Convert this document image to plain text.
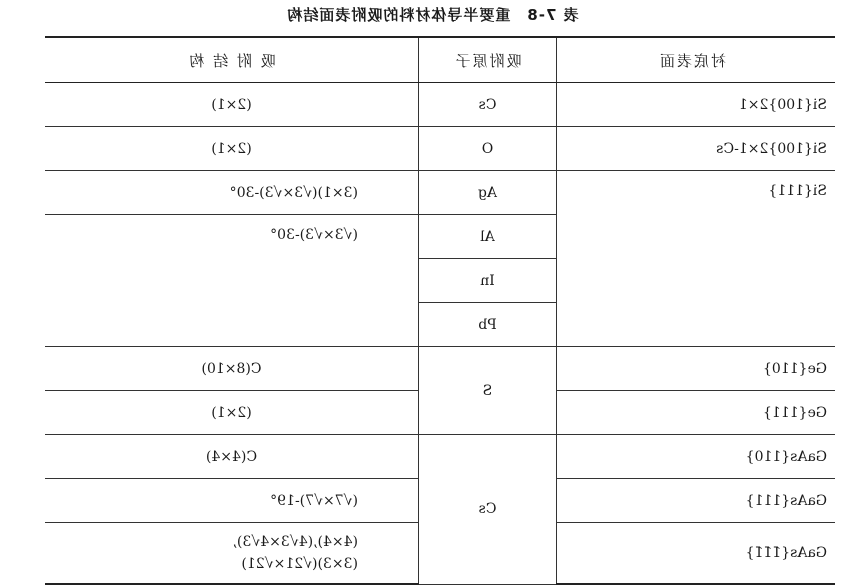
表 7-8　重要半导体材料的吸附表面结构
衬底表面	吸附原子	吸 附 结 构
Si{100}2×1	Cs	(2×1)
Si{100}2×1-Cs	O	(2×1)
Si{111}	Ag	(3×1)(√3×√3)-30°
	Al	(√3×√3)-30°
	In	
	Pb	
Ge{110}	S	C(8×10)
Ge{111}		(2×1)
GaAs{110}	Cs	C(4×4)
GaAs{111}		(√7×√7)-19°
GaAs{1̄1̄1̄}		(4×4),(4√3×4√3),
(3×3)(√21×√21)
